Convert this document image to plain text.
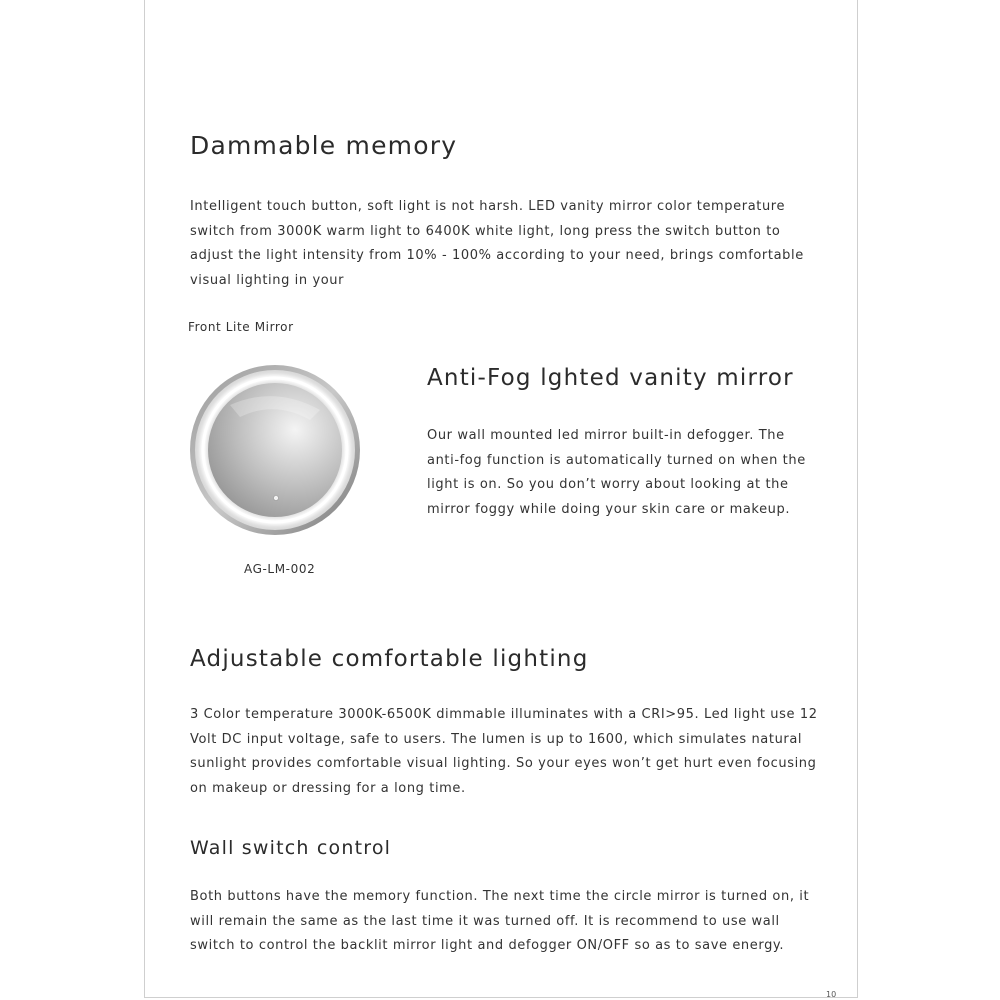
Dammable memory

Intelligent touch button, soft light is not harsh. LED vanity mirror color temperature switch from 3000K warm light to 6400K white light, long press the switch button to adjust the light intensity from 10% - 100% according to your need, brings comfortable visual lighting in your

Front Lite Mirror
AG-LM-002
Anti-Fog lghted vanity mirror

Our wall mounted led mirror built-in defogger. The anti-fog function is automatically turned on when the light is on. So you don’t worry about looking at the mirror foggy while doing your skin care or makeup.

Adjustable comfortable lighting

3 Color temperature 3000K-6500K dimmable illuminates with a CRI>95. Led light use 12 Volt DC input voltage, safe to users. The lumen is up to 1600, which simulates natural sunlight provides comfortable visual lighting. So your eyes won’t get hurt even focusing on makeup or dressing for a long time.

Wall switch control

Both buttons have the memory function. The next time the circle mirror is turned on, it will remain the same as the last time it was turned off. It is recommend to use wall switch to control the backlit mirror light and defogger ON/OFF so as to save energy.

10
